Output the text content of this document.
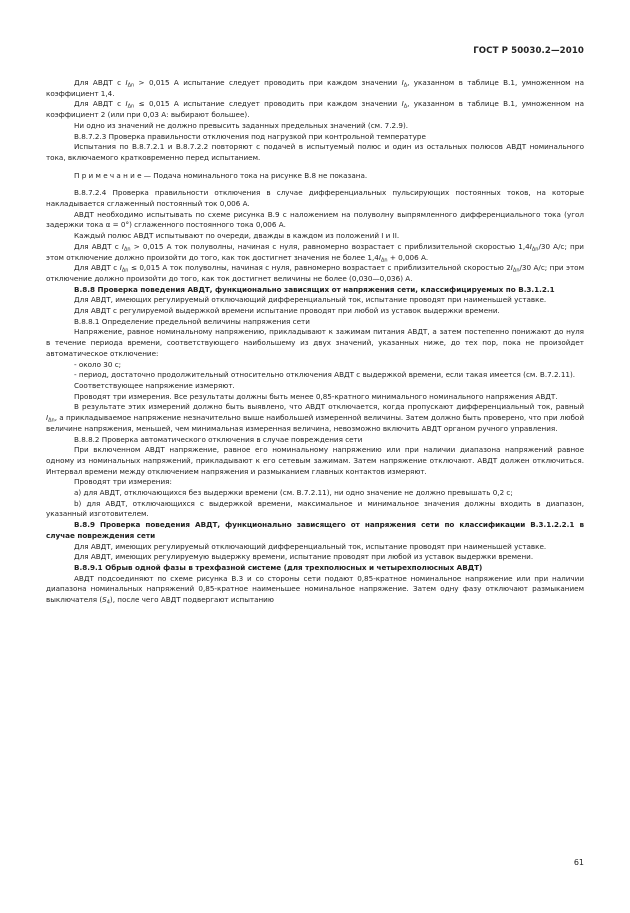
ГОСТ Р 50030.2—2010

Для АВДТ с $I_{\Delta n} > 0,015$ А испытание следует проводить при каждом значении $I_\Delta$, указанном в таблице В.1, умноженном на коэффициент 1,4.

Для АВДТ с $I_{\Delta n} \le 0,015$ А испытание следует проводить при каждом значении $I_\Delta$, указанном в таблице В.1, умноженном на коэффициент 2 (или при 0,03 А: выбирают большее).

Ни одно из значений не должно превысить заданных предельных значений (см. 7.2.9).

В.8.7.2.3 Проверка правильности отключения под нагрузкой при контрольной температуре

Испытания по В.8.7.2.1 и В.8.7.2.2 повторяют с подачей в испытуемый полюс и один из остальных полюсов АВДТ номинального тока, включаемого кратковременно перед испытанием.

П р и м е ч а н и е — Подача номинального тока на рисунке В.8 не показана.

В.8.7.2.4 Проверка правильности отключения в случае дифференциальных пульсирующих постоянных токов, на которые накладывается сглаженный постоянный ток 0,006 А.

АВДТ необходимо испытывать по схеме рисунка В.9 с наложением на полуволну выпрямленного дифференциального тока (угол задержки тока α = 0°) сглаженного постоянного тока 0,006 А.

Каждый полюс АВДТ испытывают по очереди, дважды в каждом из положений I и II.

Для АВДТ с $I_{\Delta n} > 0,015$ А ток полуволны, начиная с нуля, равномерно возрастает с приблизительной скоростью $1,4I_{\Delta n}/30$ А/с; при этом отключение должно произойти до того, как ток достигнет значения не более $1,4I_{\Delta n} + 0,006$ А.

Для АВДТ с $I_{\Delta n} \le 0,015$ А ток полуволны, начиная с нуля, равномерно возрастает с приблизительной скоростью $2I_{\Delta n}/30$ А/с; при этом отключение должно произойти до того, как ток достигнет величины не более (0,030—0,036) А.

В.8.8 Проверка поведения АВДТ, функционально зависящих от напряжения сети, классифицируемых по В.3.1.2.1

Для АВДТ, имеющих регулируемый отключающий дифференциальный ток, испытание проводят при наименьшей уставке.

Для АВДТ с регулируемой выдержкой времени испытание проводят при любой из уставок выдержки времени.

В.8.8.1 Определение предельной величины напряжения сети

Напряжение, равное номинальному напряжению, прикладывают к зажимам питания АВДТ, а затем постепенно понижают до нуля в течение периода времени, соответствующего наибольшему из двух значений, указанных ниже, до тех пор, пока не произойдет автоматическое отключение:

- около 30 с;

- период, достаточно продолжительный относительно отключения АВДТ с выдержкой времени, если такая имеется (см. В.7.2.11).

Соответствующее напряжение измеряют.

Проводят три измерения. Все результаты должны быть менее 0,85-кратного минимального номинального напряжения АВДТ.

В результате этих измерений должно быть выявлено, что АВДТ отключается, когда пропускают дифференциальный ток, равный $I_{\Delta n}$, а прикладываемое напряжение незначительно выше наибольшей измеренной величины. Затем должно быть проверено, что при любой величине напряжения, меньшей, чем минимальная измеренная величина, невозможно включить АВДТ органом ручного управления.

В.8.8.2 Проверка автоматического отключения в случае повреждения сети

При включенном АВДТ напряжение, равное его номинальному напряжению или при наличии диапазона напряжений равное одному из номинальных напряжений, прикладывают к его сетевым зажимам. Затем напряжение отключают. АВДТ должен отключиться. Интервал времени между отключением напряжения и размыканием главных контактов измеряют.

Проводят три измерения:

а) для АВДТ, отключающихся без выдержки времени (см. В.7.2.11), ни одно значение не должно превышать 0,2 с;

b) для АВДТ, отключающихся с выдержкой времени, максимальное и минимальное значения должны входить в диапазон, указанный изготовителем.

В.8.9 Проверка поведения АВДТ, функционально зависящего от напряжения сети по классификации В.3.1.2.2.1 в случае повреждения сети

Для АВДТ, имеющих регулируемый отключающий дифференциальный ток, испытание проводят при наименьшей уставке.

Для АВДТ, имеющих регулируемую выдержку времени, испытание проводят при любой из уставок выдержки времени.

В.8.9.1 Обрыв одной фазы в трехфазной системе (для трехполюсных и четырехполюсных АВДТ)

АВДТ подсоединяют по схеме рисунка В.3 и со стороны сети подают 0,85-кратное номинальное напряжение или при наличии диапазона номинальных напряжений 0,85-кратное наименьшее номинальное напряжение. Затем одну фазу отключают размыканием выключателя $(S_4)$, после чего АВДТ подвергают испытанию

61
